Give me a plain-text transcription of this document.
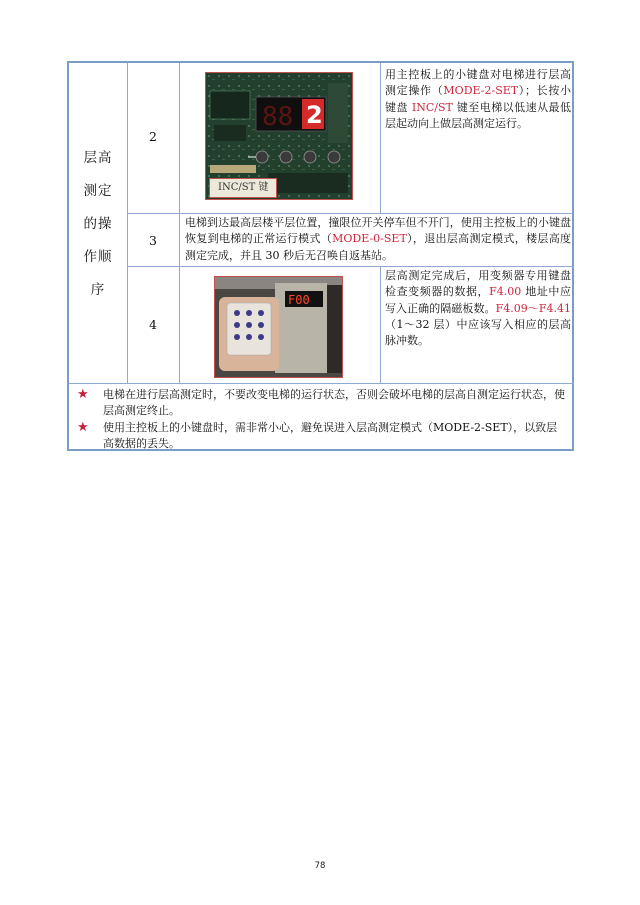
层高
测定
的操
作顺
序
2
3
4
88 2
INC/ST 键
用主控板上的小键盘对电梯进行层高测定操作（MODE-2-SET）；长按小键盘 INC/ST 键至电梯以低速从最低层起动向上做层高测定运行。
电梯到达最高层楼平层位置，撞限位开关停车但不开门，使用主控板上的小键盘恢复到电梯的正常运行模式（MODE-0-SET），退出层高测定模式，楼层高度测定完成，并且 30 秒后无召唤自返基站。
F00
层高测定完成后，用变频器专用键盘检查变频器的数据，F4.00 地址中应写入正确的隔磁板数。F4.09～F4.41（1～32 层）中应该写入相应的层高脉冲数。
★	电梯在进行层高测定时，不要改变电梯的运行状态，否则会破坏电梯的层高自测定运行状态，使层高测定终止。
★	使用主控板上的小键盘时，需非常小心，避免误进入层高测定模式（MODE-2-SET），以致层高数据的丢失。
78
